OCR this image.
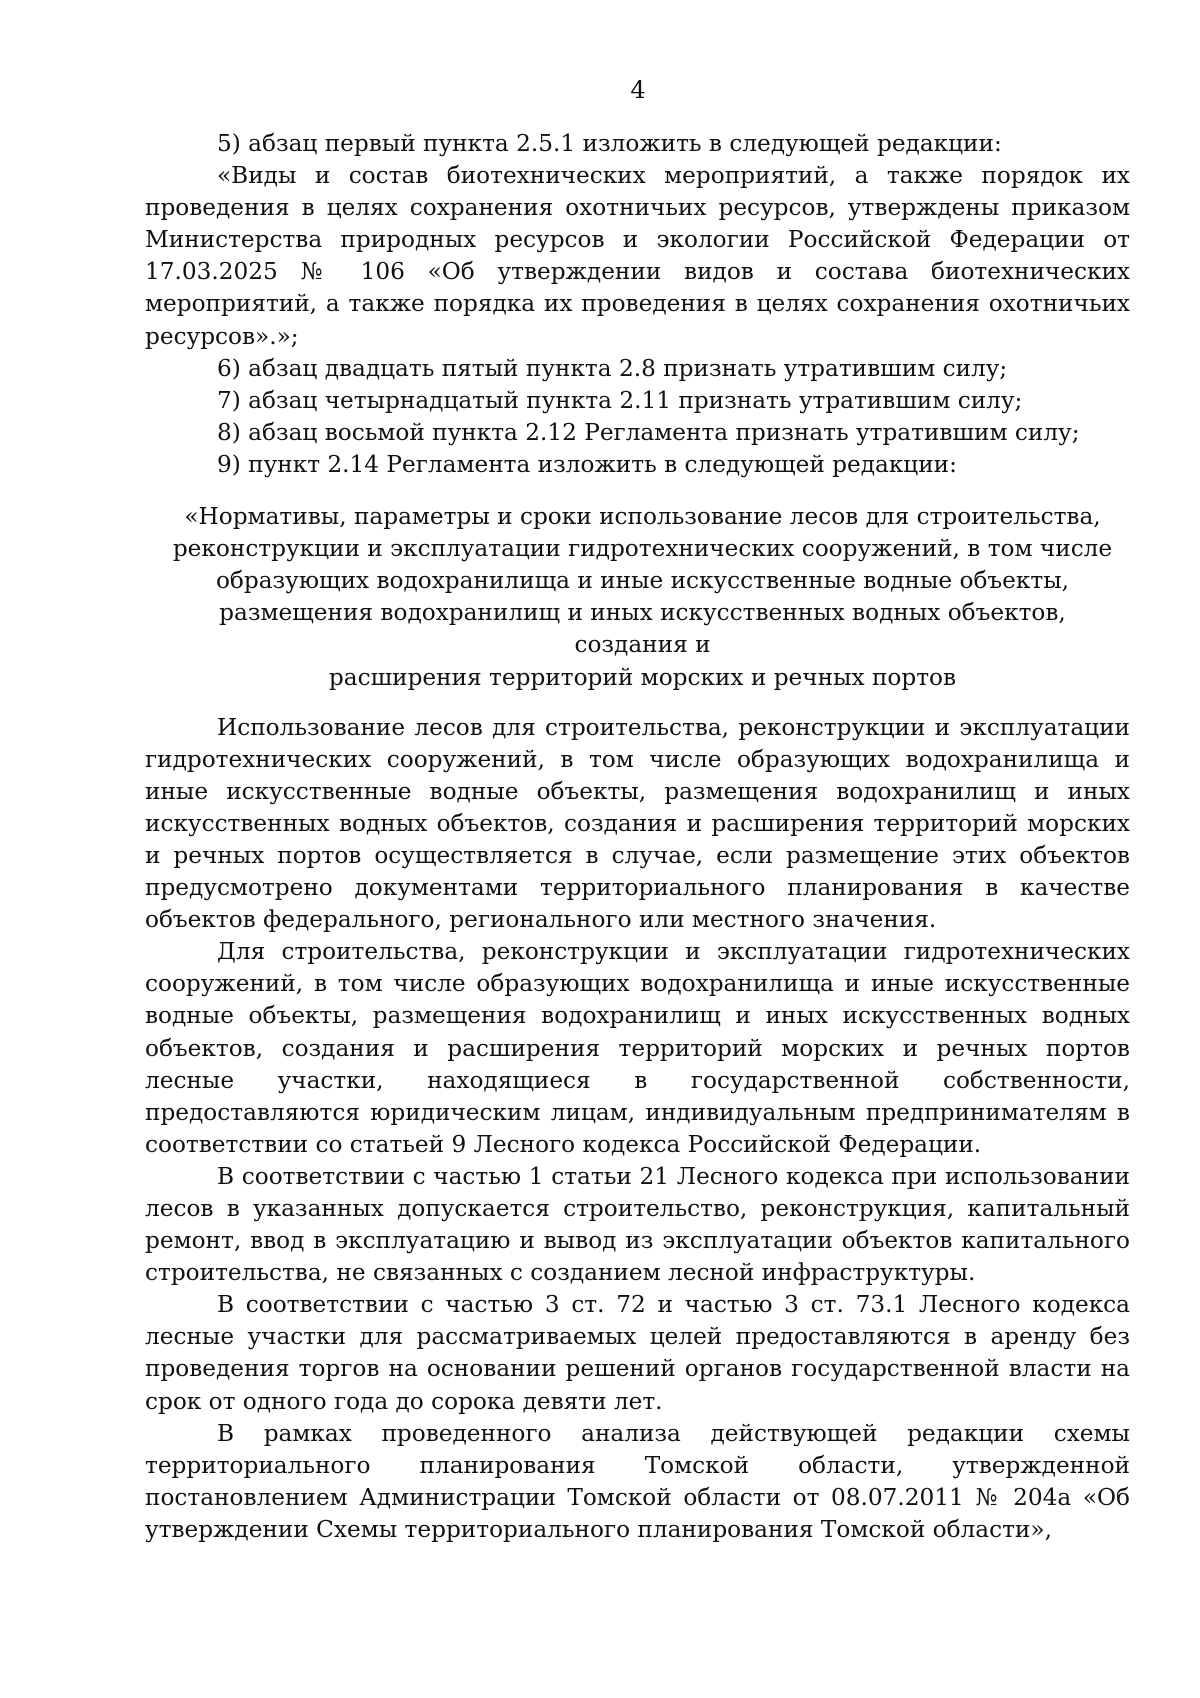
4

5) абзац первый пункта 2.5.1 изложить в следующей редакции:

«Виды и состав биотехнических мероприятий, а также порядок их проведения в целях сохранения охотничьих ресурсов, утверждены приказом Министерства природных ресурсов и экологии Российской Федерации от 17.03.2025 № 106 «Об утверждении видов и состава биотехнических мероприятий, а также порядка их проведения в целях сохранения охотничьих ресурсов».»;

6) абзац двадцать пятый пункта 2.8 признать утратившим силу;

7) абзац четырнадцатый пункта 2.11 признать утратившим силу;

8) абзац восьмой пункта 2.12 Регламента признать утратившим силу;

9) пункт 2.14 Регламента изложить в следующей редакции:

«Нормативы, параметры и сроки использование лесов для строительства,
реконструкции и эксплуатации гидротехнических сооружений, в том числе
образующих водохранилища и иные искусственные водные объекты,
размещения водохранилищ и иных искусственных водных объектов, создания и
расширения территорий морских и речных портов

Использование лесов для строительства, реконструкции и эксплуатации гидротехнических сооружений, в том числе образующих водохранилища и иные искусственные водные объекты, размещения водохранилищ и иных искусственных водных объектов, создания и расширения территорий морских и речных портов осуществляется в случае, если размещение этих объектов предусмотрено документами территориального планирования в качестве объектов федерального, регионального или местного значения.

Для строительства, реконструкции и эксплуатации гидротехнических сооружений, в том числе образующих водохранилища и иные искусственные водные объекты, размещения водохранилищ и иных искусственных водных объектов, создания и расширения территорий морских и речных портов лесные участки, находящиеся в государственной собственности, предоставляются юридическим лицам, индивидуальным предпринимателям в соответствии со статьей 9 Лесного кодекса Российской Федерации.

В соответствии с частью 1 статьи 21 Лесного кодекса при использовании лесов в указанных допускается строительство, реконструкция, капитальный ремонт, ввод в эксплуатацию и вывод из эксплуатации объектов капитального строительства, не связанных с созданием лесной инфраструктуры.

В соответствии с частью 3 ст. 72 и частью 3 ст. 73.1 Лесного кодекса лесные участки для рассматриваемых целей предоставляются в аренду без проведения торгов на основании решений органов государственной власти на срок от одного года до сорока девяти лет.

В рамках проведенного анализа действующей редакции схемы территориального планирования Томской области, утвержденной постановлением Администрации Томской области от 08.07.2011 № 204а «Об утверждении Схемы территориального планирования Томской области»,
